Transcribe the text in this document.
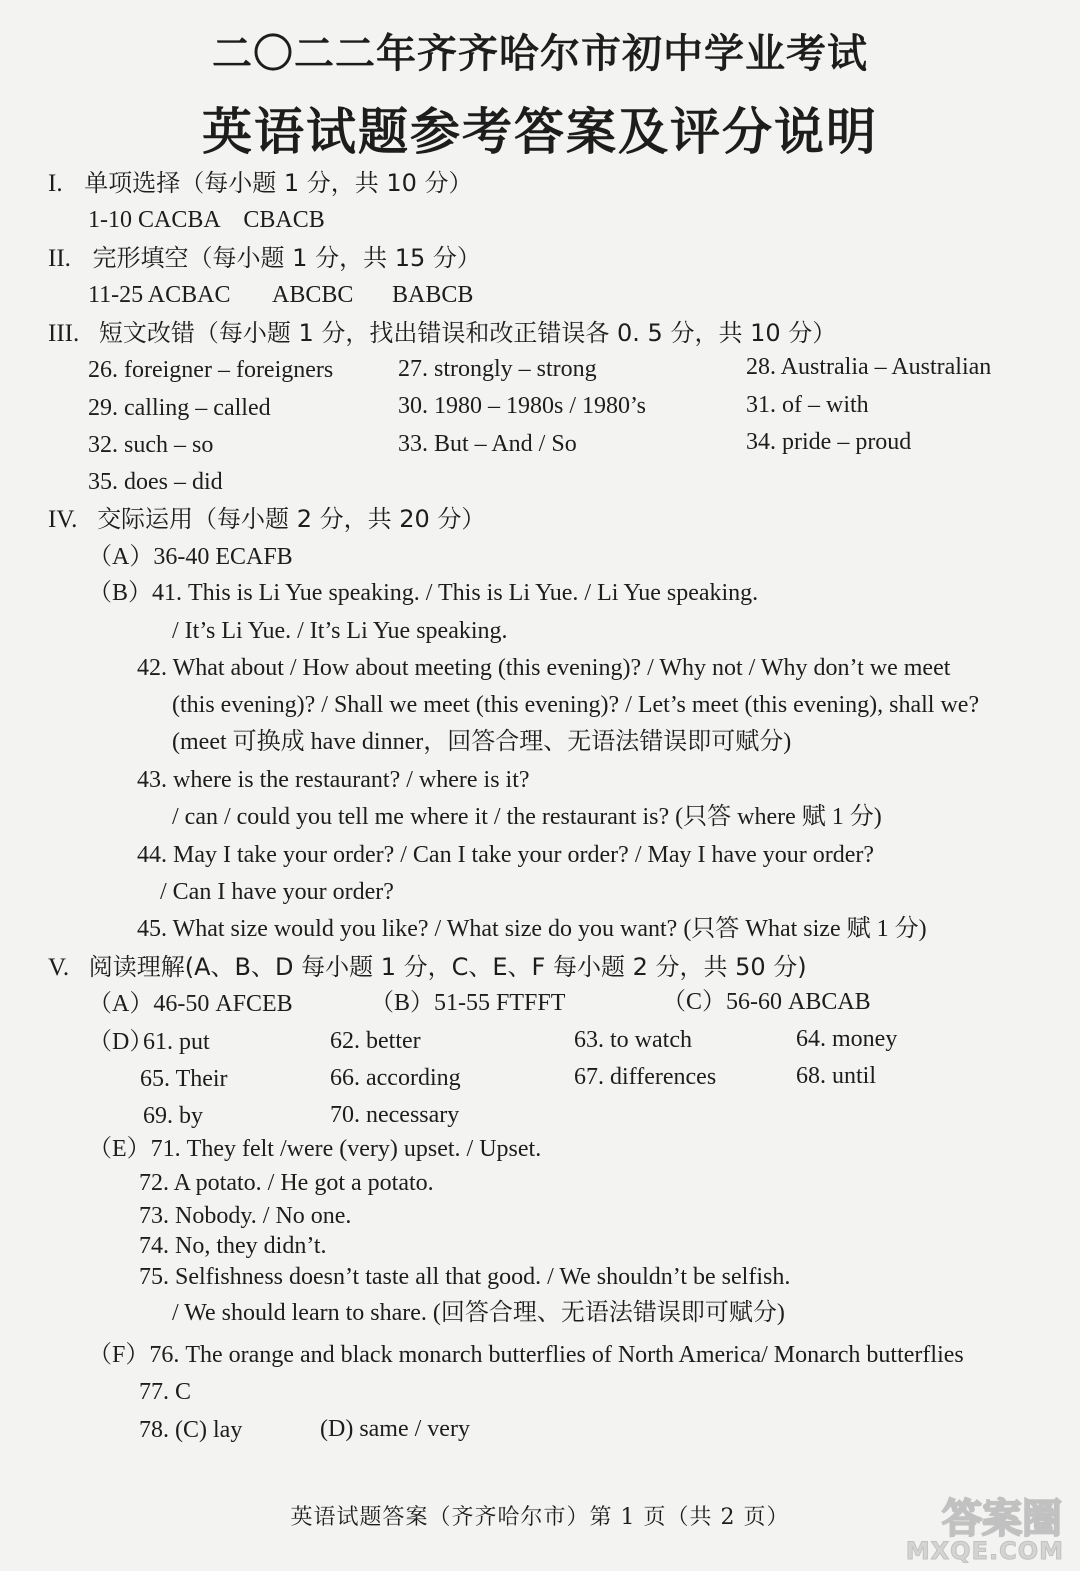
二〇二二年齐齐哈尔市初中学业考试
英语试题参考答案及评分说明
I. 单项选择（每小题 1 分，共 10 分）
1-10 CACBA　CBACB
II. 完形填空（每小题 1 分，共 15 分）
11-25 ACBAC ABCBC BABCB
III. 短文改错（每小题 1 分，找出错误和改正错误各 0. 5 分，共 10 分）
26. foreigner – foreigners	27. strongly – strong	28. Australia – Australian
29. calling – called	30. 1980 – 1980s / 1980’s	31. of – with
32. such – so	33. But – And / So	34. pride – proud
35. does – did
IV. 交际运用（每小题 2 分，共 20 分）
（A）36-40 ECAFB
（B）41. This is Li Yue speaking. / This is Li Yue. / Li Yue speaking.
/ It’s Li Yue. / It’s Li Yue speaking.
42. What about / How about meeting (this evening)? / Why not / Why don’t we meet
(this evening)? / Shall we meet (this evening)? / Let’s meet (this evening), shall we?
(meet 可换成 have dinner，回答合理、无语法错误即可赋分)
43. where is the restaurant? / where is it?
/ can / could you tell me where it / the restaurant is? (只答 where 赋 1 分)
44. May I take your order? / Can I take your order? / May I have your order?
/ Can I have your order?
45. What size would you like? / What size do you want? (只答 What size 赋 1 分)
V. 阅读理解(A、B、D 每小题 1 分，C、E、F 每小题 2 分，共 50 分)
（A）46-50 AFCEB	（B）51-55 FTFFT	（C）56-60 ABCAB
（D）
61. put	62. better	63. to watch	64. money
65. Their	66. according	67. differences	68. until
69. by	70. necessary
（E）71. They felt /were (very) upset. / Upset.
72. A potato. / He got a potato.
73. Nobody. / No one.
74. No, they didn’t.
75. Selfishness doesn’t taste all that good. / We shouldn’t be selfish.
/ We should learn to share. (回答合理、无语法错误即可赋分)
（F）76. The orange and black monarch butterflies of North America/ Monarch butterflies
77. C
78. (C) lay	(D) same / very
英语试题答案（齐齐哈尔市）第 1 页（共 2 页）	答案圈
MXQE.COM
